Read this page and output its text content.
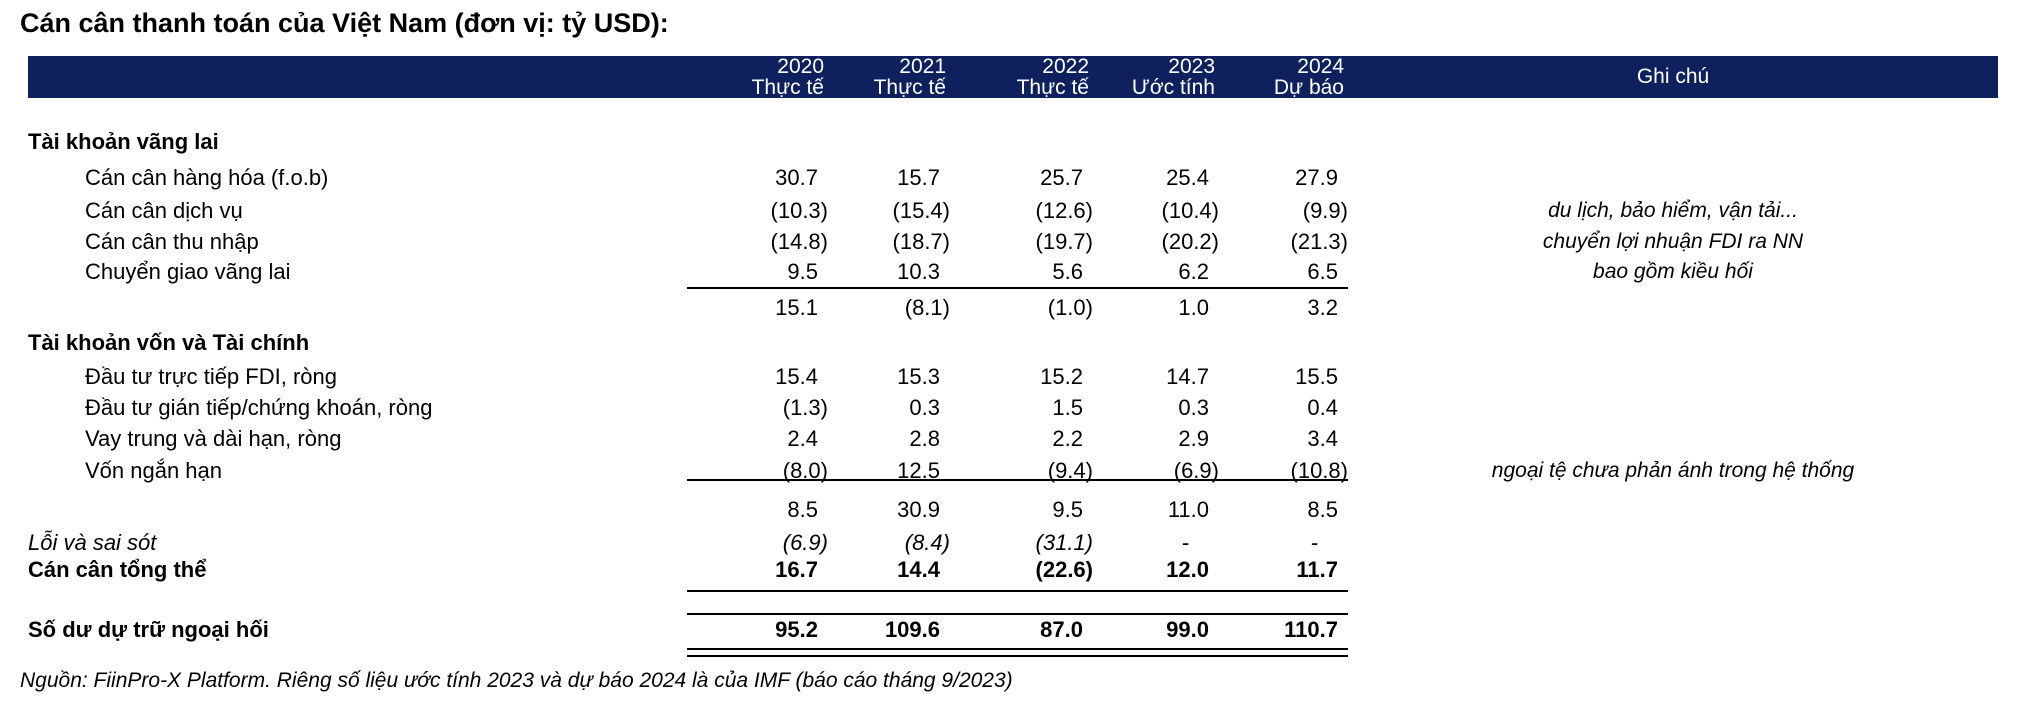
Cán cân thanh toán của Việt Nam (đơn vị: tỷ USD):
2020	2021	2022	2023	2024
Thực tế	Thực tế	Thực tế	Ước tính	Dự báo	Ghi chú
Tài khoản vãng lai
Cán cân hàng hóa (f.o.b)	30.7	15.7	25.7	25.4	27.9
Cán cân dịch vụ	(10.3)	(15.4)	(12.6)	(10.4)	(9.9)	du lịch, bảo hiểm, vận tải...
Cán cân thu nhập	(14.8)	(18.7)	(19.7)	(20.2)	(21.3)	chuyển lợi nhuận FDI ra NN
Chuyển giao vãng lai	9.5	10.3	5.6	6.2	6.5	bao gồm kiều hối
15.1	(8.1)	(1.0)	1.0	3.2
Tài khoản vốn và Tài chính
Đầu tư trực tiếp FDI, ròng	15.4	15.3	15.2	14.7	15.5
Đầu tư gián tiếp/chứng khoán, ròng	(1.3)	0.3	1.5	0.3	0.4
Vay trung và dài hạn, ròng	2.4	2.8	2.2	2.9	3.4
Vốn ngắn hạn	(8.0)	12.5	(9.4)	(6.9)	(10.8)	ngoại tệ chưa phản ánh trong hệ thống
8.5	30.9	9.5	11.0	8.5
Lỗi và sai sót	(6.9)	(8.4)	(31.1)	-	-
Cán cân tổng thể	16.7	14.4	(22.6)	12.0	11.7
Số dư dự trữ ngoại hối	95.2	109.6	87.0	99.0	110.7
Nguồn: FiinPro-X Platform. Riêng số liệu ước tính 2023 và dự báo 2024 là của IMF (báo cáo tháng 9/2023)
